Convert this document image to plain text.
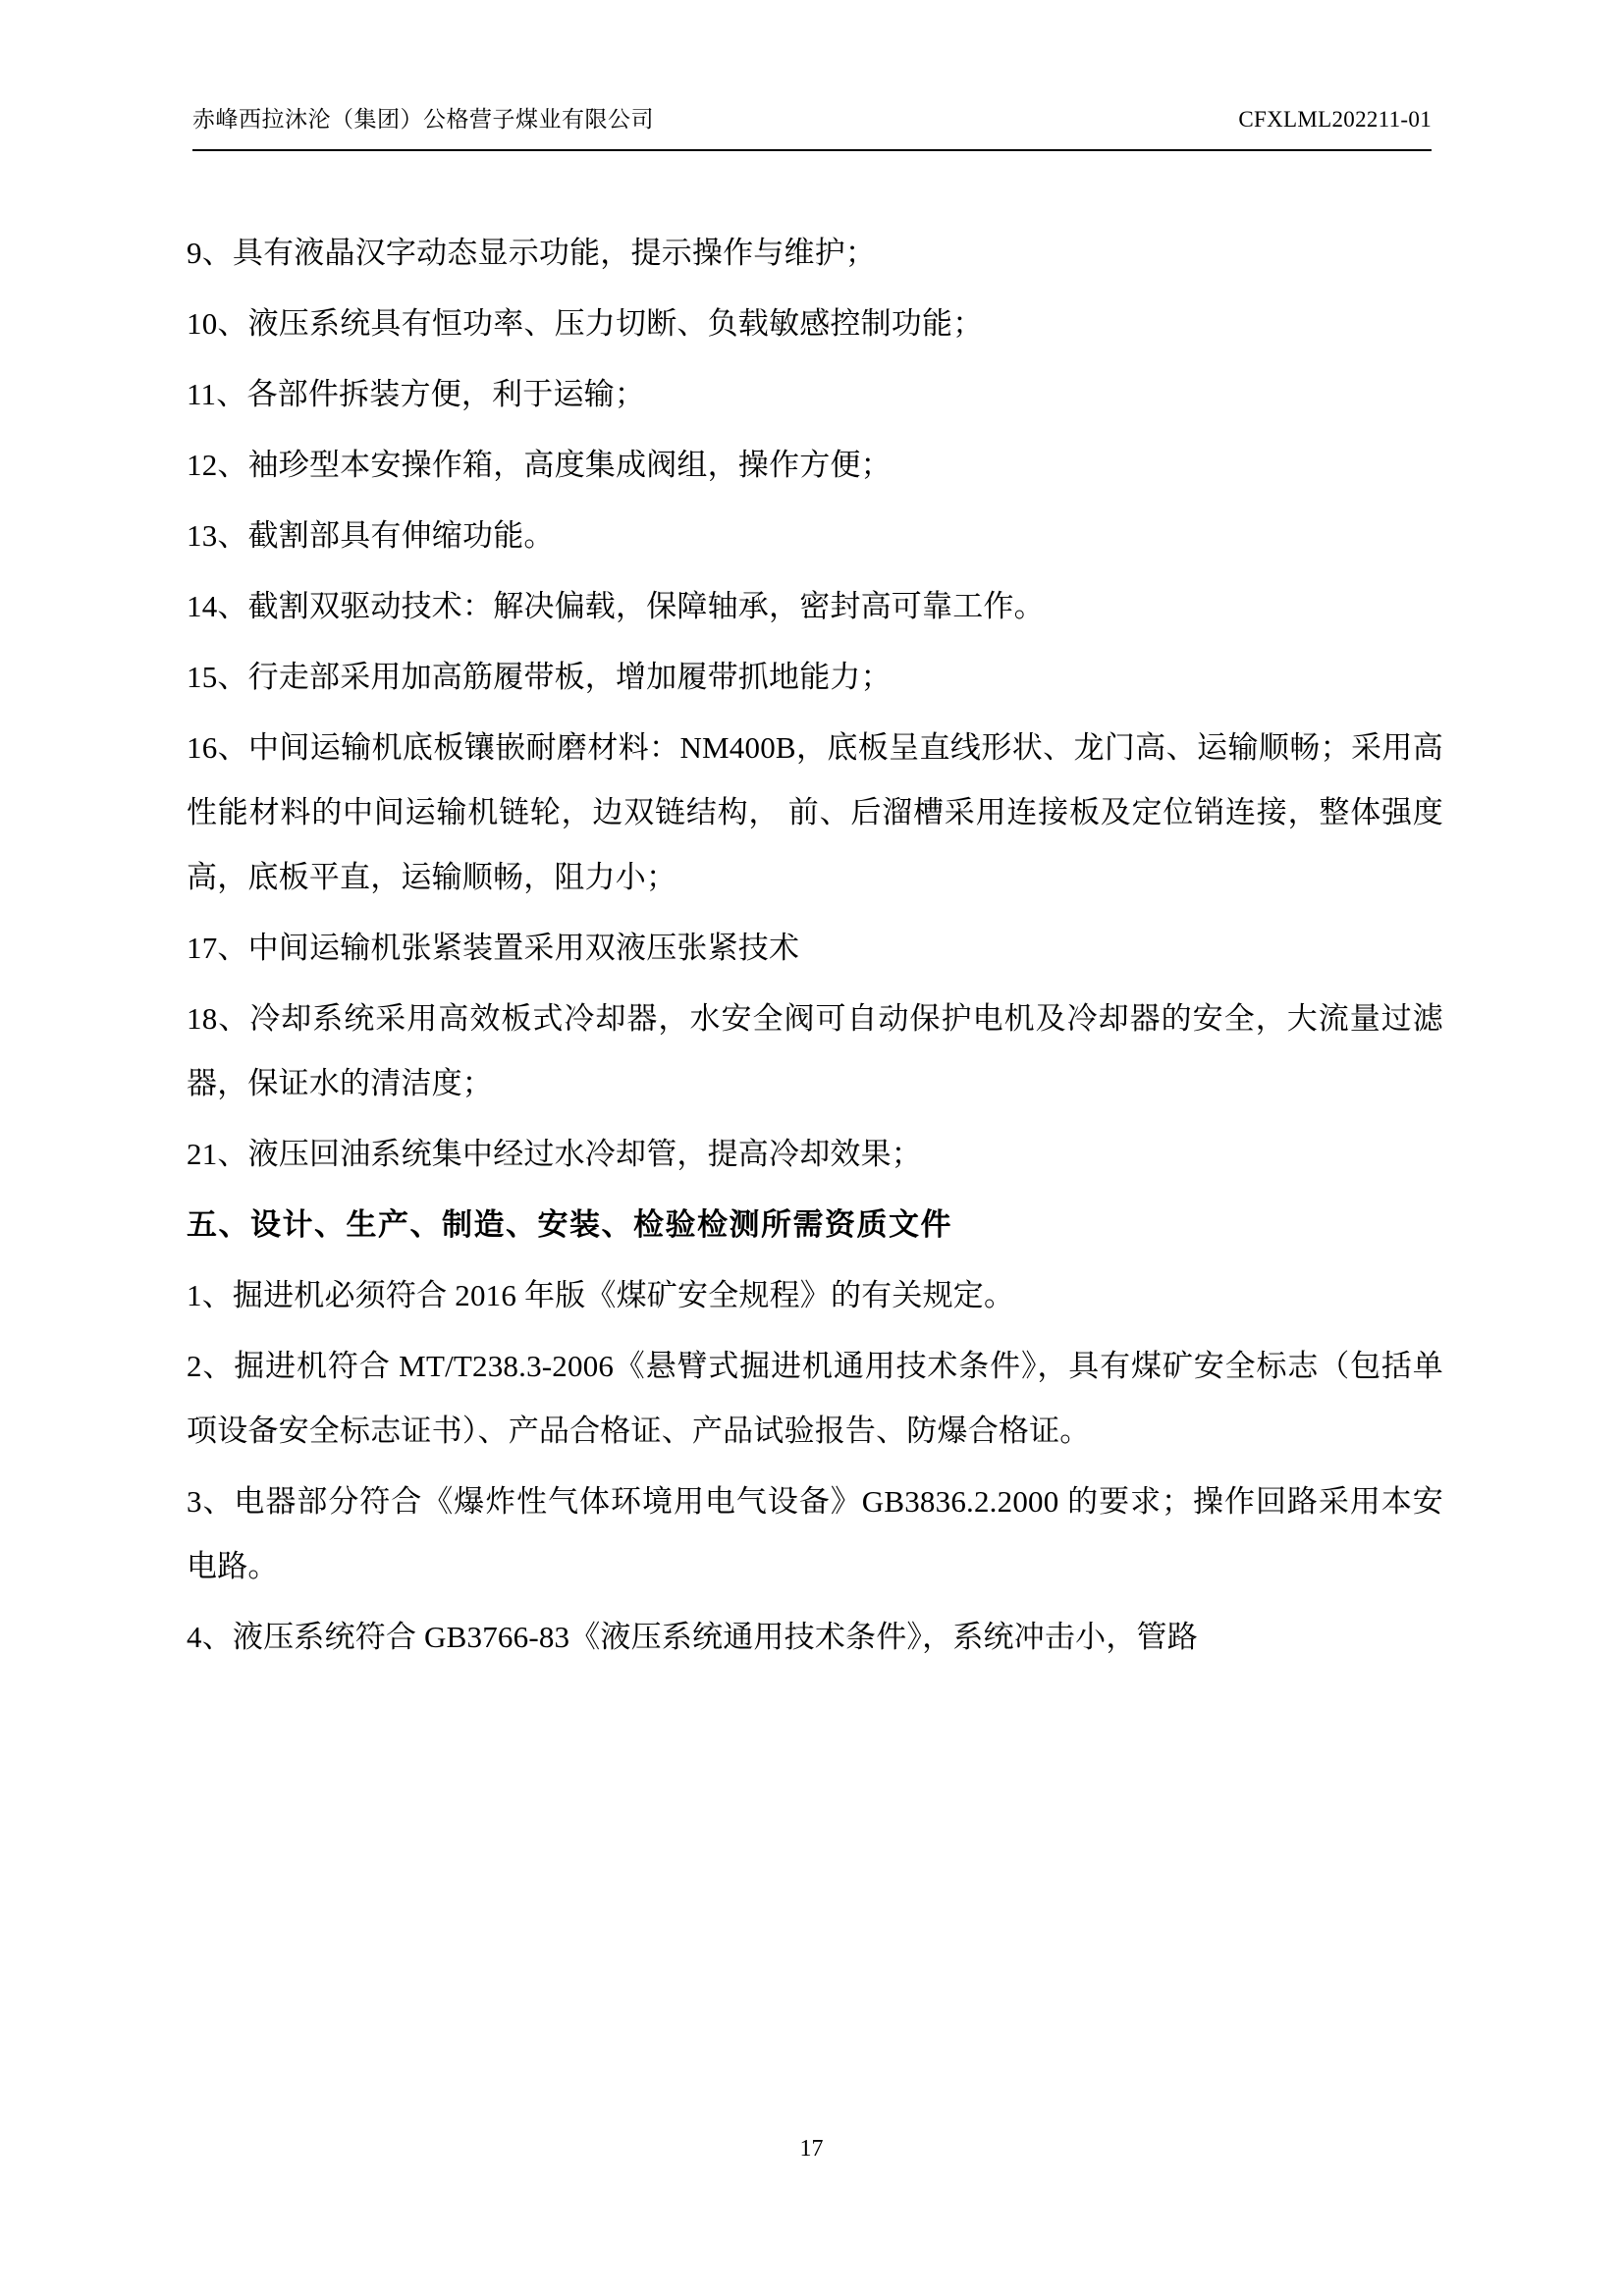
赤峰西拉沐沦（集团）公格营子煤业有限公司	CFXLML202211-01

9、具有液晶汉字动态显示功能，提示操作与维护；

10、液压系统具有恒功率、压力切断、负载敏感控制功能；

11、各部件拆装方便，利于运输；

12、袖珍型本安操作箱，高度集成阀组，操作方便；

13、截割部具有伸缩功能。

14、截割双驱动技术：解决偏载，保障轴承，密封高可靠工作。

15、行走部采用加高筋履带板，增加履带抓地能力；

16、中间运输机底板镶嵌耐磨材料：NM400B，底板呈直线形状、龙门高、运输顺畅；采用高性能材料的中间运输机链轮，边双链结构， 前、后溜槽采用连接板及定位销连接，整体强度高，底板平直，运输顺畅，阻力小；

17、中间运输机张紧装置采用双液压张紧技术

18、冷却系统采用高效板式冷却器，水安全阀可自动保护电机及冷却器的安全，大流量过滤器，保证水的清洁度；

21、液压回油系统集中经过水冷却管，提高冷却效果；

五、设计、生产、制造、安装、检验检测所需资质文件

1、掘进机必须符合 2016 年版《煤矿安全规程》的有关规定。

2、掘进机符合 MT/T238.3-2006《悬臂式掘进机通用技术条件》，具有煤矿安全标志（包括单项设备安全标志证书）、产品合格证、产品试验报告、防爆合格证。

3、电器部分符合《爆炸性气体环境用电气设备》GB3836.2.2000 的要求；操作回路采用本安电路。

4、液压系统符合 GB3766-83《液压系统通用技术条件》，系统冲击小，管路

17
